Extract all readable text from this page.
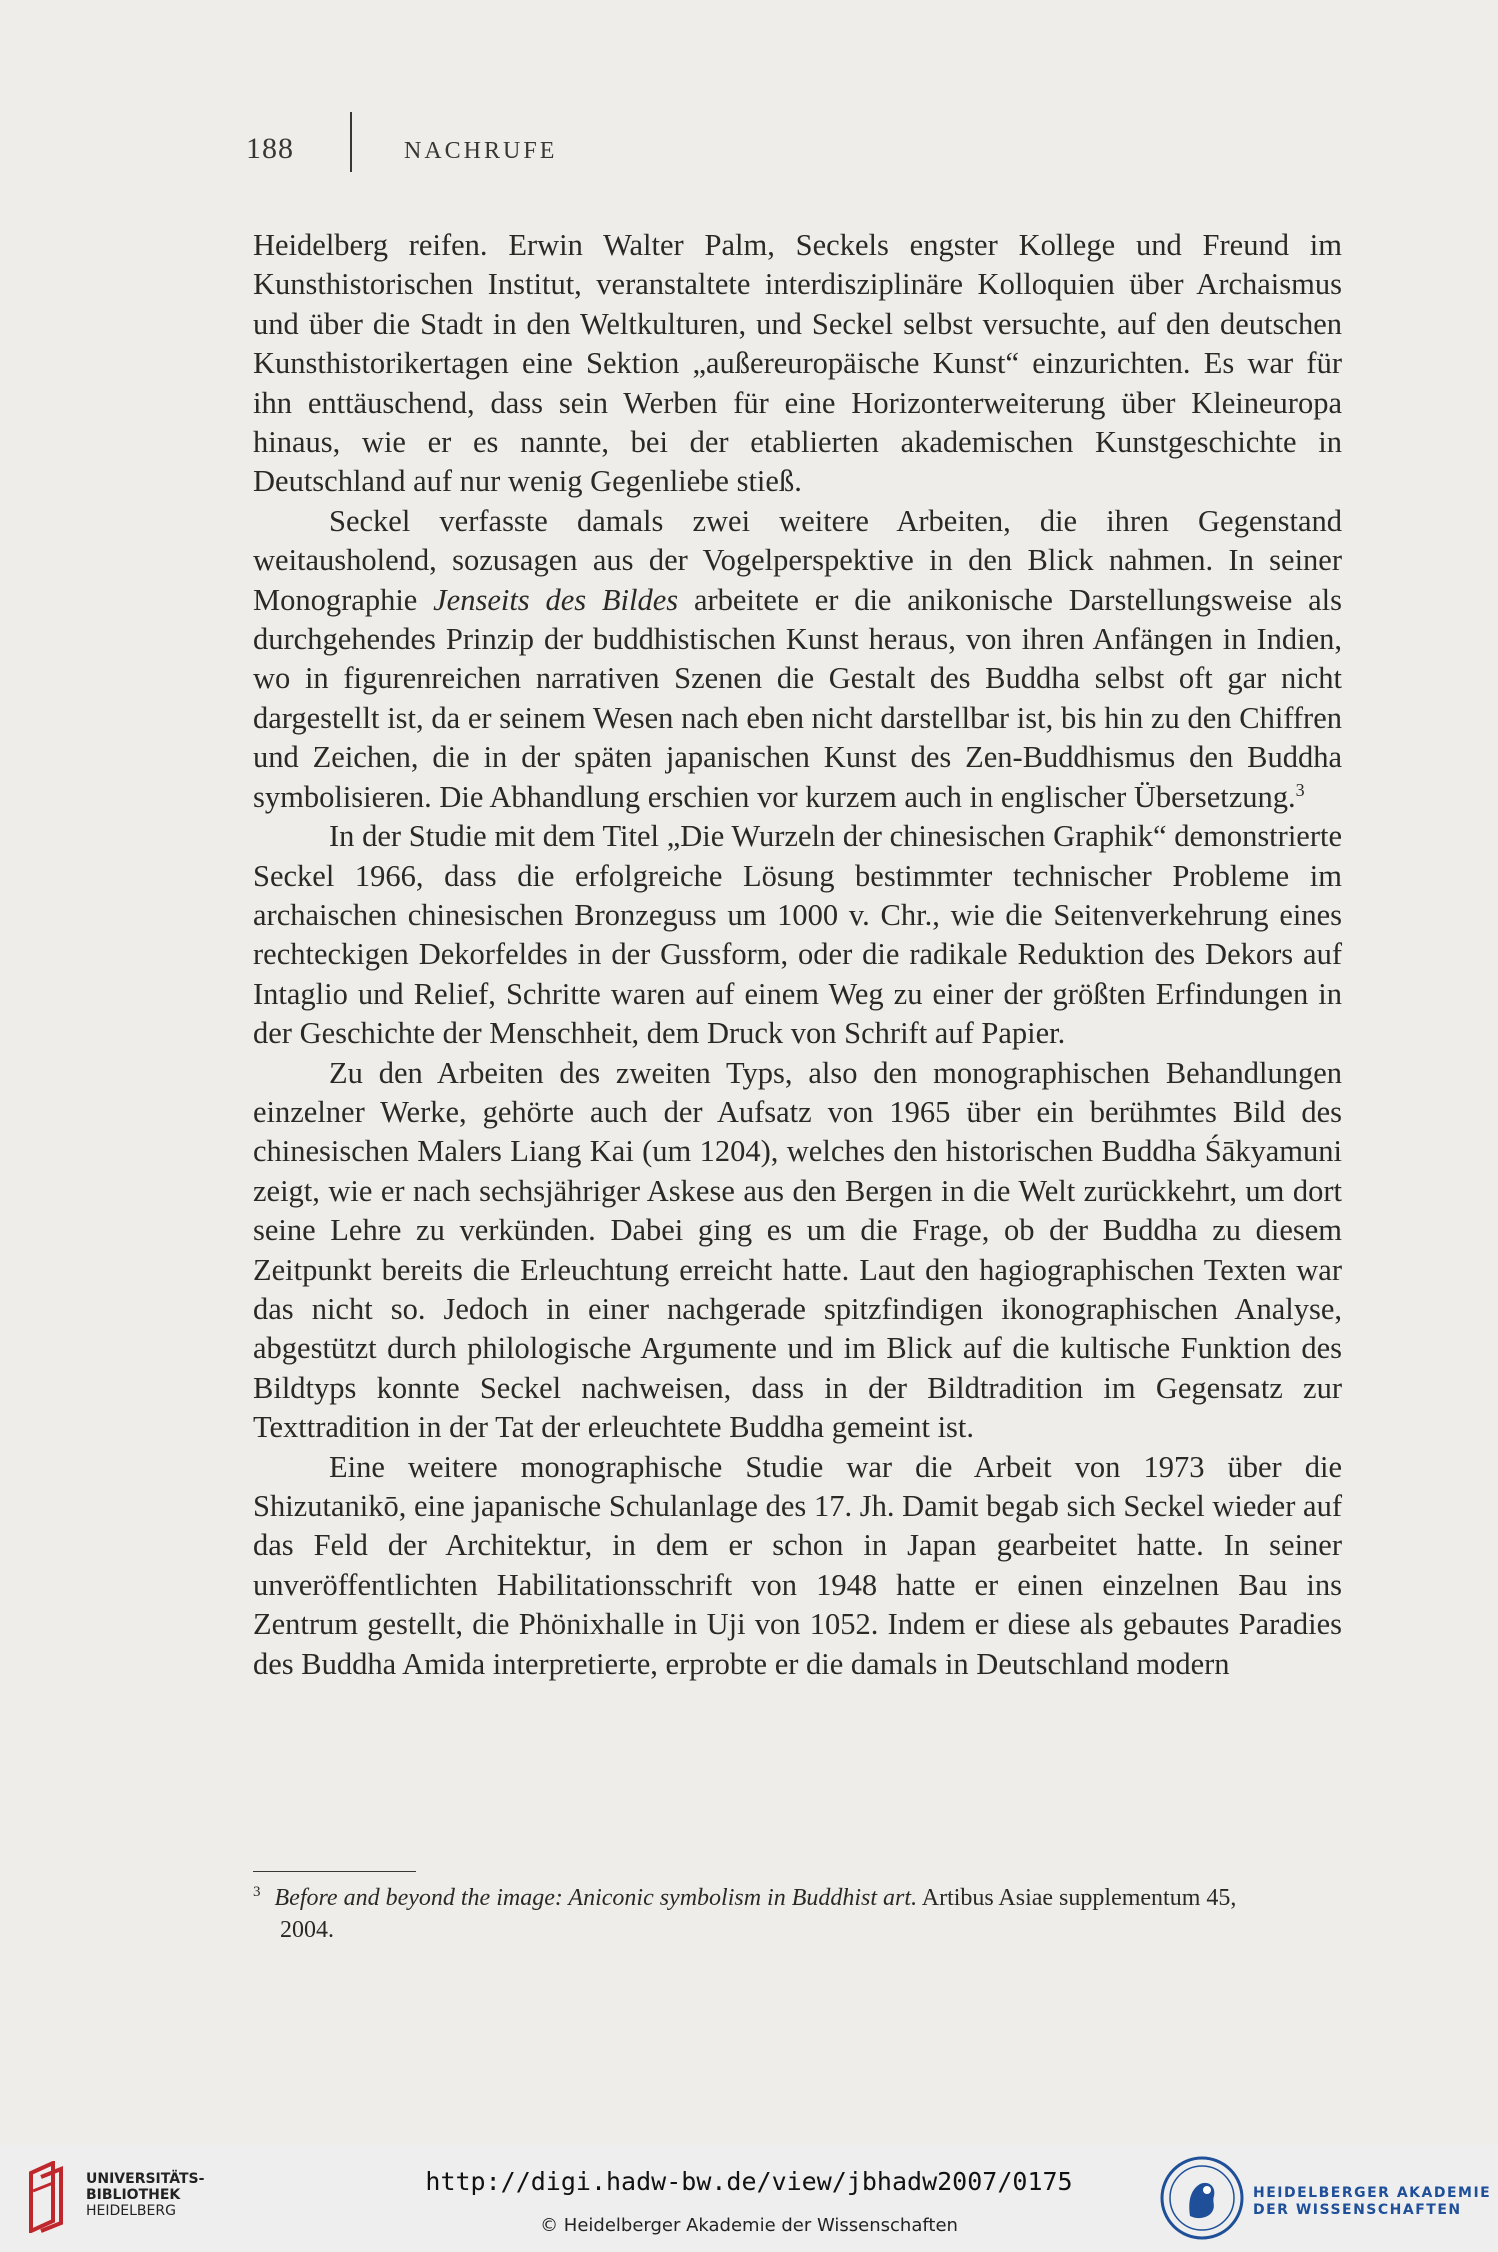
188	NACHRUFE

Heidelberg reifen. Erwin Walter Palm, Seckels engster Kollege und Freund im Kunsthistorischen Institut, veranstaltete interdisziplinäre Kolloquien über Archaismus und über die Stadt in den Weltkulturen, und Seckel selbst versuchte, auf den deutschen Kunsthistorikertagen eine Sektion „außereuropäische Kunst“ einzurichten. Es war für ihn enttäuschend, dass sein Werben für eine Horizonterweiterung über Kleineuropa hinaus, wie er es nannte, bei der etablierten akademischen Kunstgeschichte in Deutschland auf nur wenig Gegenliebe stieß.

Seckel verfasste damals zwei weitere Arbeiten, die ihren Gegenstand weitausholend, sozusagen aus der Vogelperspektive in den Blick nahmen. In seiner Monographie Jenseits des Bildes arbeitete er die anikonische Darstellungsweise als durchgehendes Prinzip der buddhistischen Kunst heraus, von ihren Anfängen in Indien, wo in figurenreichen narrativen Szenen die Gestalt des Buddha selbst oft gar nicht dargestellt ist, da er seinem Wesen nach eben nicht darstellbar ist, bis hin zu den Chiffren und Zeichen, die in der späten japanischen Kunst des Zen-Buddhismus den Buddha symbolisieren. Die Abhandlung erschien vor kurzem auch in englischer Übersetzung.$^3$

In der Studie mit dem Titel „Die Wurzeln der chinesischen Graphik“ demonstrierte Seckel 1966, dass die erfolgreiche Lösung bestimmter technischer Probleme im archaischen chinesischen Bronzeguss um 1000 v. Chr., wie die Seitenverkehrung eines rechteckigen Dekorfeldes in der Gussform, oder die radikale Reduktion des Dekors auf Intaglio und Relief, Schritte waren auf einem Weg zu einer der größten Erfindungen in der Geschichte der Menschheit, dem Druck von Schrift auf Papier.

Zu den Arbeiten des zweiten Typs, also den monographischen Behandlungen einzelner Werke, gehörte auch der Aufsatz von 1965 über ein berühmtes Bild des chinesischen Malers Liang Kai (um 1204), welches den historischen Buddha Śākyamuni zeigt, wie er nach sechsjähriger Askese aus den Bergen in die Welt zurückkehrt, um dort seine Lehre zu verkünden. Dabei ging es um die Frage, ob der Buddha zu diesem Zeitpunkt bereits die Erleuchtung erreicht hatte. Laut den hagiographischen Texten war das nicht so. Jedoch in einer nachgerade spitzfindigen ikonographischen Analyse, abgestützt durch philologische Argumente und im Blick auf die kultische Funktion des Bildtyps konnte Seckel nachweisen, dass in der Bildtradition im Gegensatz zur Texttradition in der Tat der erleuchtete Buddha gemeint ist.

Eine weitere monographische Studie war die Arbeit von 1973 über die Shizutanikō, eine japanische Schulanlage des 17. Jh. Damit begab sich Seckel wieder auf das Feld der Architektur, in dem er schon in Japan gearbeitet hatte. In seiner unveröffentlichten Habilitationsschrift von 1948 hatte er einen einzelnen Bau ins Zentrum gestellt, die Phönixhalle in Uji von 1052. Indem er diese als gebautes Paradies des Buddha Amida interpretierte, erprobte er die damals in Deutschland modern

$^3$ Before and beyond the image: Aniconic symbolism in Buddhist art. Artibus Asiae supplementum 45,
2004.
UNIVERSITÄTS-
BIBLIOTHEK
HEIDELBERG
http://digi.hadw-bw.de/view/jbhadw2007/0175
© Heidelberger Akademie der Wissenschaften
HEIDELBERGER AKADEMIE
DER WISSENSCHAFTEN
